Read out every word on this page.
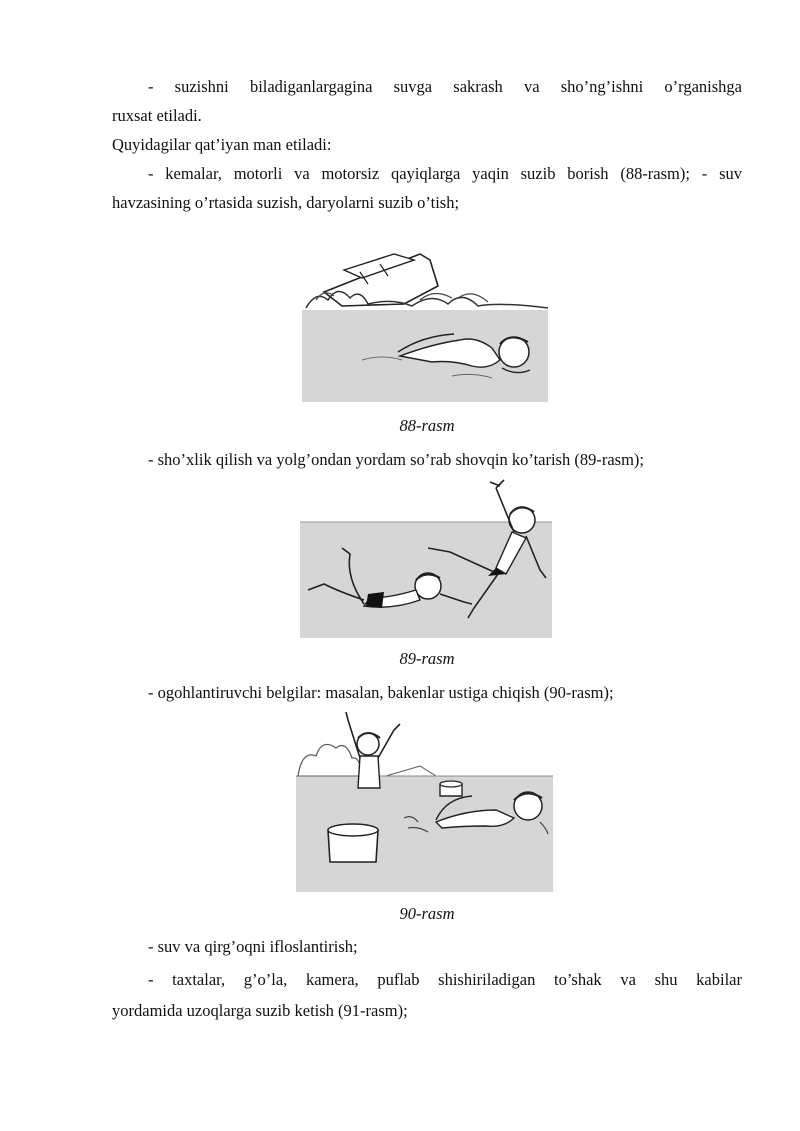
- suzishni biladiganlargagina suvga sakrash va sho’ng’ishni o’rganishga

ruxsat etiladi.

Quyidagilar qat’iyan man etiladi:

- kemalar, motorli va motorsiz qayiqlarga yaqin suzib borish (88-rasm); - suv

havzasining o’rtasida suzish, daryolarni suzib o’tish;

88-rasm

- sho’xlik qilish va yolg’ondan yordam so’rab shovqin ko’tarish (89-rasm);

89-rasm

- ogohlantiruvchi belgilar: masalan, bakenlar ustiga chiqish (90-rasm);

90-rasm

- suv va qirg’oqni ifloslantirish;

- taxtalar, g’o’la, kamera, puflab shishiriladigan to’shak va shu kabilar

yordamida uzoqlarga suzib ketish (91-rasm);
